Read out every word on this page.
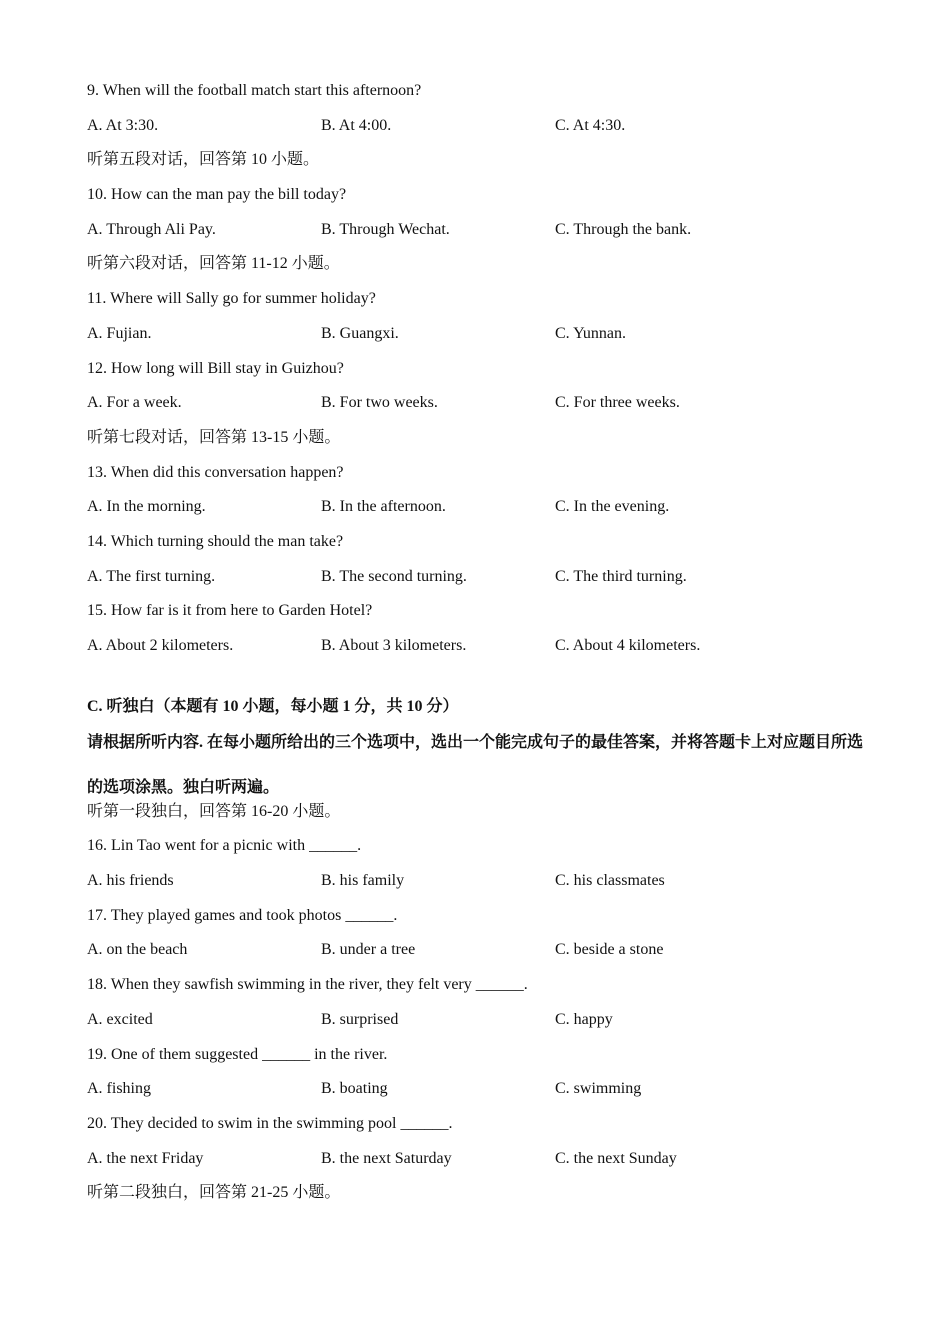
9. When will the football match start this afternoon?
A. At 3:30.	B. At 4:00.	C. At 4:30.
听第五段对话，回答第 10 小题。
10. How can the man pay the bill today?
A. Through Ali Pay.	B. Through Wechat.	C. Through the bank.
听第六段对话，回答第 11-12 小题。
11. Where will Sally go for summer holiday?
A. Fujian.	B. Guangxi.	C. Yunnan.
12. How long will Bill stay in Guizhou?
A. For a week.	B. For two weeks.	C. For three weeks.
听第七段对话，回答第 13-15 小题。
13. When did this conversation happen?
A. In the morning.	B. In the afternoon.	C. In the evening.
14. Which turning should the man take?
A. The first turning.	B. The second turning.	C. The third turning.
15. How far is it from here to Garden Hotel?
A. About 2 kilometers.	B. About 3 kilometers.	C. About 4 kilometers.
C. 听独白（本题有 10 小题，每小题 1 分，共 10 分）
请根据所听内容. 在每小题所给出的三个选项中，选出一个能完成句子的最佳答案，并将答题卡上对应题目所选的选项涂黑。独白听两遍。
听第一段独白，回答第 16-20 小题。
16. Lin Tao went for a picnic with ______.
A. his friends	B. his family	C. his classmates
17. They played games and took photos ______.
A. on the beach	B. under a tree	C. beside a stone
18. When they sawfish swimming in the river, they felt very ______.
A. excited	B. surprised	C. happy
19. One of them suggested ______ in the river.
A. fishing	B. boating	C. swimming
20. They decided to swim in the swimming pool ______.
A. the next Friday	B. the next Saturday	C. the next Sunday
听第二段独白，回答第 21-25 小题。
